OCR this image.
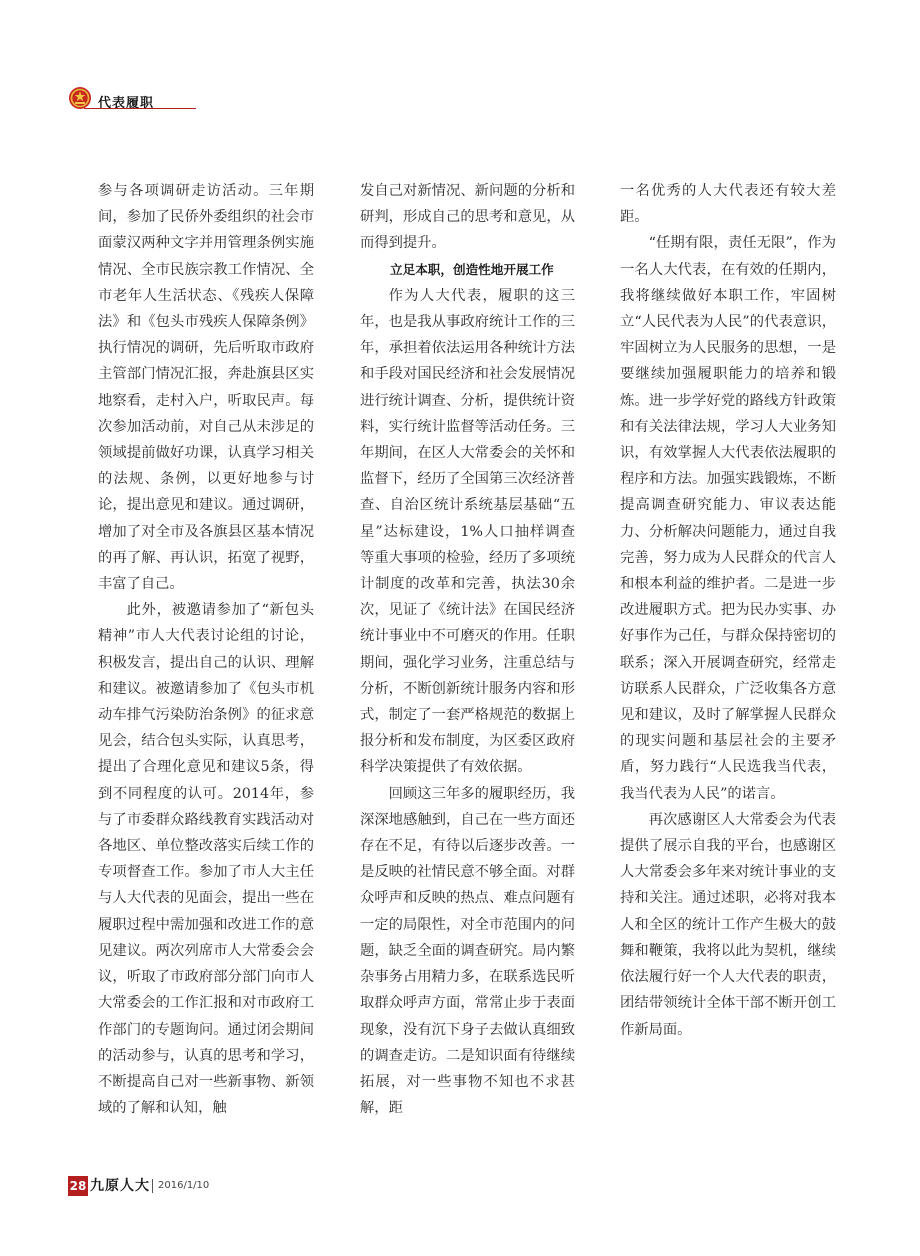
代表履职

参与各项调研走访活动。三年期间，参加了民侨外委组织的社会市面蒙汉两种文字并用管理条例实施情况、全市民族宗教工作情况、全市老年人生活状态、《残疾人保障法》和《包头市残疾人保障条例》执行情况的调研，先后听取市政府主管部门情况汇报，奔赴旗县区实地察看，走村入户，听取民声。每次参加活动前，对自己从未涉足的领域提前做好功课，认真学习相关的法规、条例，以更好地参与讨论，提出意见和建议。通过调研，增加了对全市及各旗县区基本情况的再了解、再认识，拓宽了视野，丰富了自己。

此外，被邀请参加了“新包头精神”市人大代表讨论组的讨论，积极发言，提出自己的认识、理解和建议。被邀请参加了《包头市机动车排气污染防治条例》的征求意见会，结合包头实际，认真思考，提出了合理化意见和建议5条，得到不同程度的认可。2014年，参与了市委群众路线教育实践活动对各地区、单位整改落实后续工作的专项督查工作。参加了市人大主任与人大代表的见面会，提出一些在履职过程中需加强和改进工作的意见建议。两次列席市人大常委会会议，听取了市政府部分部门向市人大常委会的工作汇报和对市政府工作部门的专题询问。通过闭会期间的活动参与，认真的思考和学习，不断提高自己对一些新事物、新领域的了解和认知，触

发自己对新情况、新问题的分析和研判，形成自己的思考和意见，从而得到提升。

立足本职，创造性地开展工作

作为人大代表，履职的这三年，也是我从事政府统计工作的三年，承担着依法运用各种统计方法和手段对国民经济和社会发展情况进行统计调查、分析，提供统计资料，实行统计监督等活动任务。三年期间，在区人大常委会的关怀和监督下，经历了全国第三次经济普查、自治区统计系统基层基础“五星”达标建设，1%人口抽样调查等重大事项的检验，经历了多项统计制度的改革和完善，执法30余次，见证了《统计法》在国民经济统计事业中不可磨灭的作用。任职期间，强化学习业务，注重总结与分析，不断创新统计服务内容和形式，制定了一套严格规范的数据上报分析和发布制度，为区委区政府科学决策提供了有效依据。

回顾这三年多的履职经历，我深深地感触到，自己在一些方面还存在不足，有待以后逐步改善。一是反映的社情民意不够全面。对群众呼声和反映的热点、难点问题有一定的局限性，对全市范围内的问题，缺乏全面的调查研究。局内繁杂事务占用精力多，在联系选民听取群众呼声方面，常常止步于表面现象，没有沉下身子去做认真细致的调查走访。二是知识面有待继续拓展，对一些事物不知也不求甚解，距

一名优秀的人大代表还有较大差距。

“任期有限，责任无限”，作为一名人大代表，在有效的任期内，我将继续做好本职工作，牢固树立“人民代表为人民”的代表意识，牢固树立为人民服务的思想，一是要继续加强履职能力的培养和锻炼。进一步学好党的路线方针政策和有关法律法规，学习人大业务知识，有效掌握人大代表依法履职的程序和方法。加强实践锻炼，不断提高调查研究能力、审议表达能力、分析解决问题能力，通过自我完善，努力成为人民群众的代言人和根本利益的维护者。二是进一步改进履职方式。把为民办实事、办好事作为己任，与群众保持密切的联系；深入开展调查研究，经常走访联系人民群众，广泛收集各方意见和建议，及时了解掌握人民群众的现实问题和基层社会的主要矛盾，努力践行“人民选我当代表，我当代表为人民”的诺言。

再次感谢区人大常委会为代表提供了展示自我的平台，也感谢区人大常委会多年来对统计事业的支持和关注。通过述职，必将对我本人和全区的统计工作产生极大的鼓舞和鞭策，我将以此为契机，继续依法履行好一个人大代表的职责，团结带领统计全体干部不断开创工作新局面。

28 九原人大 2016/1/10
